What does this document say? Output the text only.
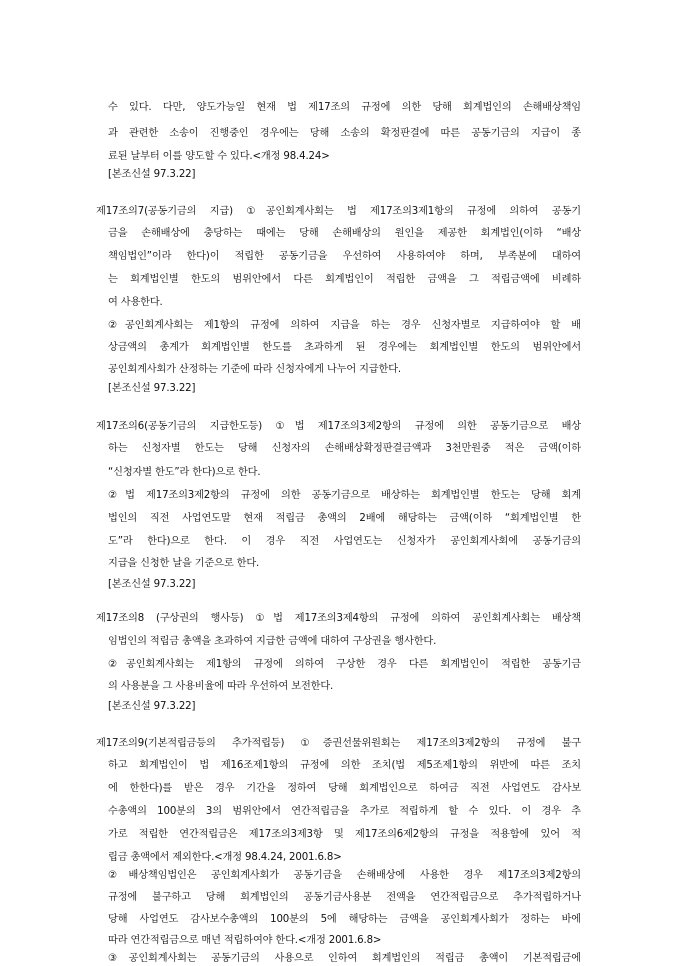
수 있다. 다만, 양도가능일 현재 법 제17조의 규정에 의한 당해 회계법인의 손해배상책임
과 관련한 소송이 진행중인 경우에는 당해 소송의 확정판결에 따른 공동기금의 지급이 종
료된 날부터 이를 양도할 수 있다.<개정 98.4.24>
[본조신설 97.3.22]
제17조의7(공동기금의 지급) ①공인회계사회는 법 제17조의3제1항의 규정에 의하여 공동기
금을 손해배상에 충당하는 때에는 당해 손해배상의 원인을 제공한 회계법인(이하 “배상
책임법인”이라 한다)이 적립한 공동기금을 우선하여 사용하여야 하며, 부족분에 대하여
는 회계법인별 한도의 범위안에서 다른 회계법인이 적립한 금액을 그 적립금액에 비례하
여 사용한다.
②공인회계사회는 제1항의 규정에 의하여 지급을 하는 경우 신청자별로 지급하여야 할 배
상금액의 총계가 회계법인별 한도를 초과하게 된 경우에는 회계법인별 한도의 범위안에서
공인회계사회가 산정하는 기준에 따라 신청자에게 나누어 지급한다.
[본조신설 97.3.22]
제17조의6(공동기금의 지급한도등) ①법 제17조의3제2항의 규정에 의한 공동기금으로 배상
하는 신청자별 한도는 당해 신청자의 손해배상확정판결금액과 3천만원중 적은 금액(이하
“신청자별 한도”라 한다)으로 한다.
②법 제17조의3제2항의 규정에 의한 공동기금으로 배상하는 회계법인별 한도는 당해 회계
법인의 직전 사업연도말 현재 적립금 총액의 2배에 해당하는 금액(이하 “회계법인별 한
도”라 한다)으로 한다. 이 경우 직전 사업연도는 신청자가 공인회계사회에 공동기금의
지급을 신청한 날을 기준으로 한다.
[본조신설 97.3.22]
제17조의8 (구상권의 행사등) ①법 제17조의3제4항의 규정에 의하여 공인회계사회는 배상책
임법인의 적립금 총액을 초과하여 지급한 금액에 대하여 구상권을 행사한다.
②공인회계사회는 제1항의 규정에 의하여 구상한 경우 다른 회계법인이 적립한 공동기금
의 사용분을 그 사용비율에 따라 우선하여 보전한다.
[본조신설 97.3.22]
제17조의9(기본적립금등의 추가적립등) ①증권선물위원회는 제17조의3제2항의 규정에 불구
하고 회계법인이 법 제16조제1항의 규정에 의한 조치(법 제5조제1항의 위반에 따른 조치
에 한한다)를 받은 경우 기간을 정하여 당해 회계법인으로 하여금 직전 사업연도 감사보
수총액의 100분의 3의 범위안에서 연간적립금을 추가로 적립하게 할 수 있다. 이 경우 추
가로 적립한 연간적립금은 제17조의3제3항 및 제17조의6제2항의 규정을 적용함에 있어 적
립금 총액에서 제외한다.<개정 98.4.24, 2001.6.8>
②배상책임법인은 공인회계사회가 공동기금을 손해배상에 사용한 경우 제17조의3제2항의
규정에 불구하고 당해 회계법인의 공동기금사용분 전액을 연간적립금으로 추가적립하거나
당해 사업연도 감사보수총액의 100분의 5에 해당하는 금액을 공인회계사회가 정하는 바에
따라 연간적립금으로 매년 적립하여야 한다.<개정 2001.6.8>
③공인회계사회는 공동기금의 사용으로 인하여 회계법인의 적립금 총액이 기본적립금에
